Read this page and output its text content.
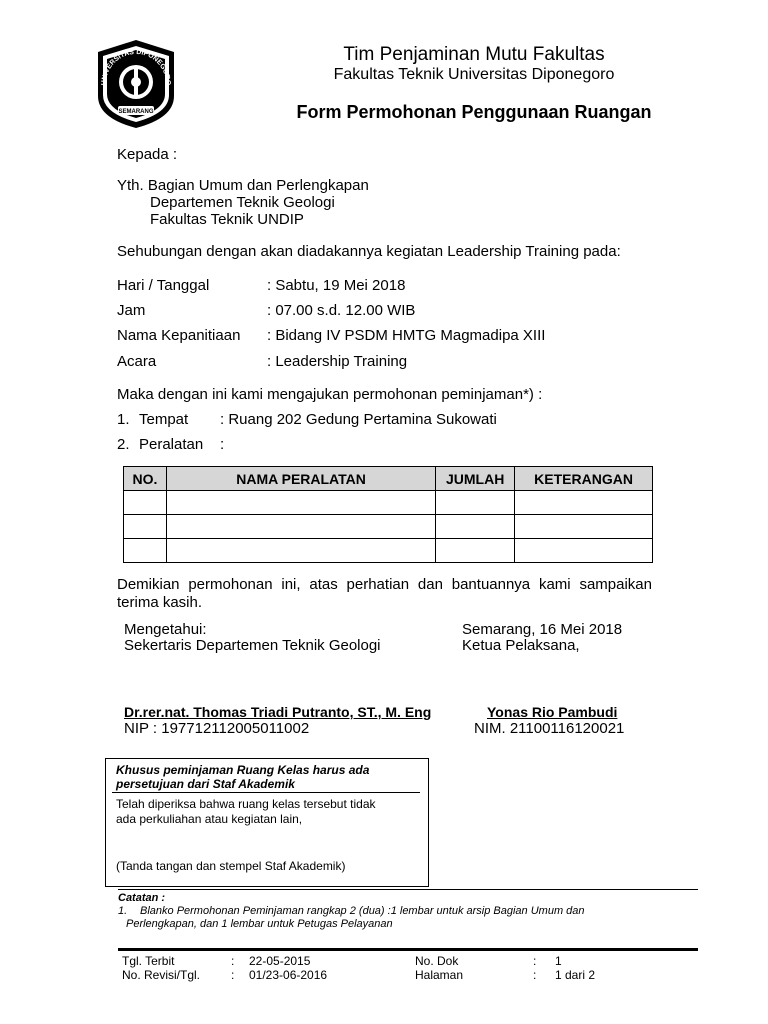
UNIVERSITAS DIPONEGORO
SEMARANG
Tim Penjaminan Mutu Fakultas
Fakultas Teknik Universitas Diponegoro
Form Permohonan Penggunaan Ruangan
Kepada :
Yth. Bagian Umum dan Perlengkapan
Departemen Teknik Geologi
Fakultas Teknik UNDIP
Sehubungan dengan akan diadakannya kegiatan Leadership Training pada:
Hari / Tanggal	: Sabtu, 19 Mei 2018
Jam	: 07.00 s.d. 12.00 WIB
Nama Kepanitiaan : Bidang IV PSDM HMTG Magmadipa XIII
Acara	: Leadership Training
Maka dengan ini kami mengajukan permohonan peminjaman*) :
1. Tempat : Ruang 202 Gedung Pertamina Sukowati
2. Peralatan :
NO.	NAMA PERALATAN	JUMLAH	KETERANGAN

Demikian permohonan ini, atas perhatian dan bantuannya kami sampaikan
terima kasih.
Mengetahui:
Sekertaris Departemen Teknik Geologi
Semarang, 16 Mei 2018
Ketua Pelaksana,
Dr.rer.nat. Thomas Triadi Putranto, ST., M. Eng
NIP : 197712112005011002
Yonas Rio Pambudi
NIM. 21100116120021
Khusus peminjaman Ruang Kelas harus ada
persetujuan dari Staf Akademik
Telah diperiksa bahwa ruang kelas tersebut tidak
ada perkuliahan atau kegiatan lain,
(Tanda tangan dan stempel Staf Akademik)
Catatan :
1. Blanko Permohonan Peminjaman rangkap 2 (dua) :1 lembar untuk arsip Bagian Umum dan
Perlengkapan, dan 1 lembar untuk Petugas Pelayanan
Tgl. Terbit	: 22-05-2015	No. Dok	: 1
No. Revisi/Tgl.	: 01/23-06-2016	Halaman	: 1 dari 2
